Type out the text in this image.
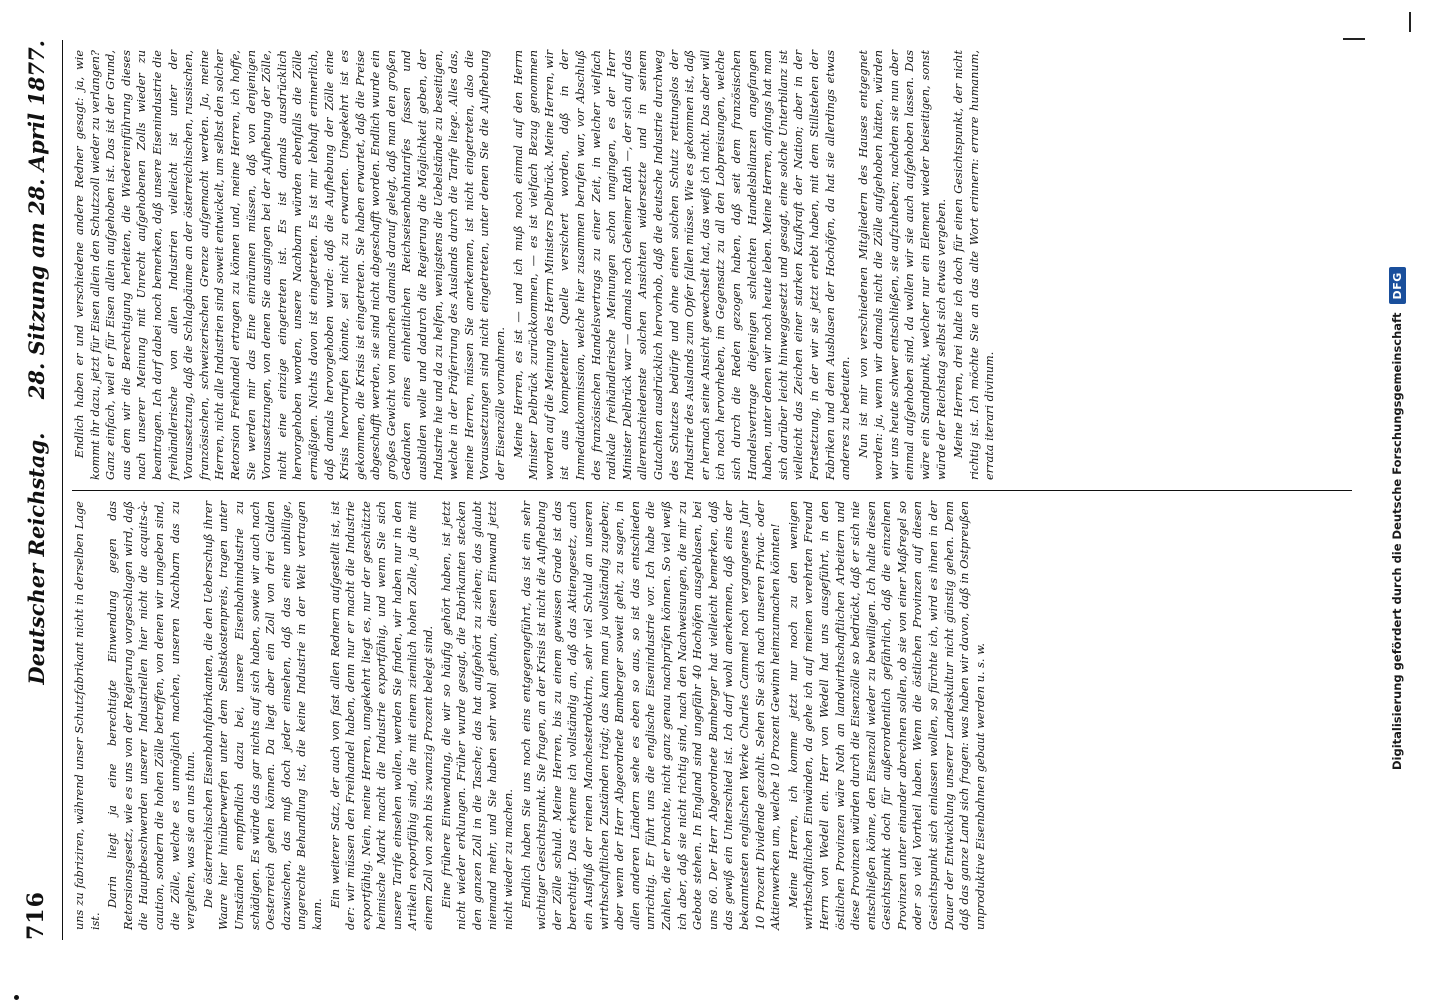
716
Deutscher Reichstag.   28. Sitzung am 28. April 1877.

uns zu fabriziren, während unser Schutzfabrikant nicht in derselben Lage ist.

Darin liegt ja eine berechtigte Einwendung gegen das Retorsionsgesetz, wie es uns von der Regierung vorgeschlagen wird, daß die Hauptbeschwerden unserer Industriellen hier nicht die acquits-à-caution, sondern die hohen Zölle betreffen, von denen wir umgeben sind, die Zölle, welche es unmöglich machen, unseren Nachbarn das zu vergelten, was sie an uns thun. Die österreichischen Eisenbahnfabrikanten, die den Ueberschuß ihrer Waare hier hinüberwerfen unter dem Selbstkostenpreis, tragen unter Umständen empfindlich dazu bei, unsere Eisenbahnindustrie zu schädigen. Es würde das gar nichts auf sich haben, sowie wir auch nach Oesterreich gehen können. Da liegt aber ein Zoll von drei Gulden dazwischen, das muß doch jeder einsehen, daß das eine unbillige, ungerechte Behandlung ist, die keine Industrie in der Welt vertragen kann.

Ein weiterer Satz, der auch von fast allen Rednern aufgestellt ist, ist der: wir müssen den Freihandel haben, denn nur er macht die Industrie exportfähig. Nein, meine Herren, umgekehrt liegt es, nur der geschützte heimische Markt macht die Industrie exportfähig, und wenn Sie sich unsere Tarife einsehen wollen, werden Sie finden, wir haben nur in den Artikeln exportfähig sind, die mit einem ziemlich hohen Zolle, ja die mit einem Zoll von zehn bis zwanzig Prozent belegt sind. Eine frühere Einwendung, die wir so häufig gehört haben, ist jetzt nicht wieder erklungen. Früher wurde gesagt, die Fabrikanten stecken den ganzen Zoll in die Tasche; das hat aufgehört zu ziehen; das glaubt niemand mehr, und Sie haben sehr wohl gethan, diesen Einwand jetzt nicht wieder zu machen. Endlich haben Sie uns noch eins entgegengeführt, das ist ein sehr wichtiger Gesichtspunkt. Sie fragen, an der Krisis ist nicht die Aufhebung der Zölle schuld. Meine Herren, bis zu einem gewissen Grade ist das berechtigt. Das erkenne ich vollständig an, daß das Aktiengesetz, auch ein Ausfluß der reinen Manchesterdoktrin, sehr viel Schuld an unseren wirthschaftlichen Zuständen trägt; das kann man ja vollständig zugeben; aber wenn der Herr Abgeordnete Bamberger soweit geht, zu sagen, in allen anderen Ländern sehe es eben so aus, so ist das entschieden unrichtig. Er führt uns die englische Eisenindustrie vor. Ich habe die Zahlen, die er brachte, nicht ganz genau nachprüfen können. So viel weiß ich aber, daß sie nicht richtig sind, nach den Nachweisungen, die mir zu Gebote stehen. In England sind ungefähr 40 Hochöfen ausgeblasen, bei uns 60. Der Herr Abgeordnete Bamberger hat vielleicht bemerken, daß das gewiß ein Unterschied ist. Ich darf wohl anerkennen, daß eins der bekanntesten englischen Werke Charles Cammel noch vergangenes Jahr 10 Prozent Dividende gezahlt. Sehen Sie sich nach unseren Privat- oder Aktienwerken um, welche 10 Prozent Gewinn heimzumachen könnten! Meine Herren, ich komme jetzt nur noch zu den wenigen wirthschaftlichen Einwänden, da gehe ich auf meinen verehrten Freund Herrn von Wedell ein. Herr von Wedell hat uns ausgeführt, in den östlichen Provinzen wäre Noth an landwirthschaftlichen Arbeitern und diese Provinzen würden durch die Eisenzölle so bedrückt, daß er sich nie entschließen könne, den Eisenzoll wieder zu bewilligen. Ich halte diesen Gesichtspunkt doch für außerordentlich gefährlich, daß die einzelnen Provinzen unter einander abrechnen sollen, ob sie von einer Maßregel so oder so viel Vortheil haben. Wenn die östlichen Provinzen auf diesen Gesichtspunkt sich einlassen wollen, so fürchte ich, wird es ihnen in der Dauer der Entwicklung unserer Landeskultur nicht günstig gehen. Denn daß das ganze Land sich fragen: was haben wir davon, daß in Ostpreußen unproduktive Eisenbahnen gebaut werden u. s. w.

Endlich haben er und verschiedene andere Redner gesagt: ja, wie kommt ihr dazu, jetzt für Eisen allein den Schutzzoll wieder zu verlangen? Ganz einfach, weil er für Eisen allein aufgehoben ist. Das ist der Grund, aus dem wir die Berechtigung herleiten, die Wiedereinführung dieses nach unserer Meinung mit Unrecht aufgehobenen Zolls wieder zu beantragen. Ich darf dabei noch bemerken, daß unsere Eisenindustrie die freihändlerische von allen Industrien vielleicht ist unter der Voraussetzung, daß die Schlagbäume an der österreichischen, russischen, französischen, schweizerischen Grenze aufgemacht werden. Ja, meine Herren, nicht alle Industrien sind soweit entwickelt, um selbst den solcher Retorsion Freihandel ertragen zu können und, meine Herren, ich hoffe, Sie werden mir das Eine einräumen müssen, daß von denjenigen Voraussetzungen, von denen Sie ausgingen bei der Aufhebung der Zölle, nicht eine einzige eingetreten ist. Es ist damals ausdrücklich hervorgehoben worden, unsere Nachbarn würden ebenfalls die Zölle ermäßigen. Nichts davon ist eingetreten. Es ist mir lebhaft erinnerlich, daß damals hervorgehoben wurde: daß die Aufhebung der Zölle eine Krisis hervorrufen könnte, sei nicht zu erwarten. Umgekehrt ist es gekommen, die Krisis ist eingetreten. Sie haben erwartet, daß die Preise abgeschafft werden, sie sind nicht abgeschafft worden. Endlich wurde ein großes Gewicht von manchen damals darauf gelegt, daß man den großen Gedanken eines einheitlichen Reichseisenbahntarifes fassen und ausbilden wolle und dadurch die Regierung die Möglichkeit geben, der Industrie hie und da zu helfen, wenigstens die Uebelstände zu beseitigen, welche in der Präferirung des Auslands durch die Tarife liege. Alles das, meine Herren, müssen Sie anerkennen, ist nicht eingetreten, also die Voraussetzungen sind nicht eingetreten, unter denen Sie die Aufhebung der Eisenzölle vornahmen. Meine Herren, es ist — und ich muß noch einmal auf den Herrn Minister Delbrück zurückkommen, — es ist vielfach Bezug genommen worden auf die Meinung des Herrn Ministers Delbrück. Meine Herren, wir ist aus kompetenter Quelle versichert worden, daß in der Immediatkommission, welche hier zusammen berufen war, vor Abschluß des französischen Handelsvertrags zu einer Zeit, in welcher vielfach radikale freihändlerische Meinungen schon umgingen, es der Herr Minister Delbrück war — damals noch Geheimer Rath —, der sich auf das allerentschiedenste solchen Ansichten widersetzte und in seinem Gutachten ausdrücklich hervorhob, daß die deutsche Industrie durchweg des Schutzes bedürfe und ohne einen solchen Schutz rettungslos der Industrie des Auslands zum Opfer fallen müsse. Wie es gekommen ist, daß er hernach seine Ansicht gewechselt hat, das weiß ich nicht. Das aber will ich noch hervorheben, im Gegensatz zu all den Lobpreisungen, welche sich durch die Reden gezogen haben, daß seit dem französischen Handelsvertrage diejenigen schlechten Handelsbilanzen angefangen haben, unter denen wir noch heute leben. Meine Herren, anfangs hat man sich darüber leicht hinweggesetzt und gesagt, eine solche Unterbilanz ist vielleicht das Zeichen einer starken Kaufkraft der Nation; aber in der Fortsetzung, in der wir sie jetzt erlebt haben, mit dem Stillstehen der Fabriken und dem Ausblasen der Hochöfen, da hat sie allerdings etwas anderes zu bedeuten. Nun ist mir von verschiedenen Mitgliedern des Hauses entgegnet worden: ja, wenn wir damals nicht die Zölle aufgehoben hätten, würden wir uns heute schwer entschließen, sie aufzuheben; nachdem sie nun aber einmal aufgehoben sind, da wollen wir sie auch aufgehoben lassen. Das wäre ein Standpunkt, welcher nur ein Element wieder beiseitigen, sonst würde der Reichstag selbst sich etwas vergeben. Meine Herren, drei halte ich doch für einen Gesichtspunkt, der nicht richtig ist. Ich möchte Sie an das alte Wort erinnern: errare humanum, errata iterari divinum.	Digitalisierung gefördert durch die Deutsche Forschungsgemeinschaft
DFG
